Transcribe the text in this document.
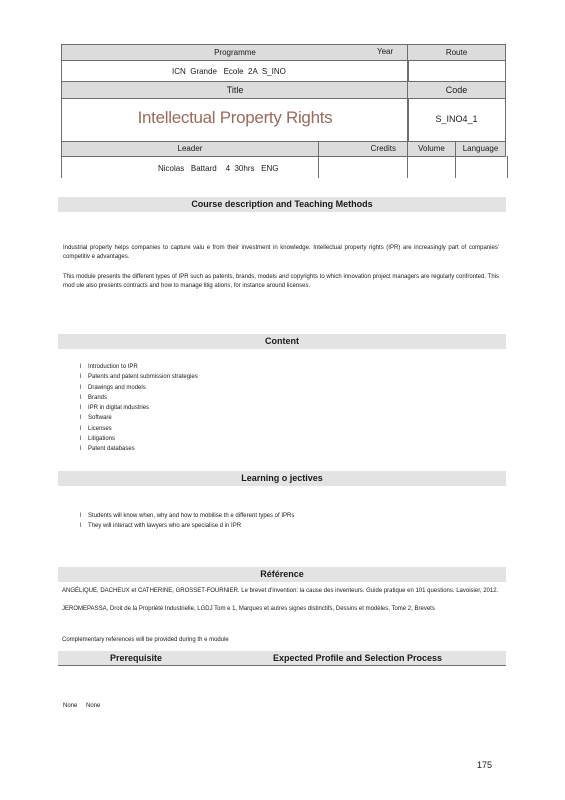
Programme	Year	Route
ICN  Grande   Ecole  2A  S_INO
Title	Code
Intellectual Property Rights	S_INO4_1
Leader	Credits	Volume	Language
Nicolas   Battard    4  30hrs   ENG
Course description and Teaching Methods
Industrial property helps companies to capture valu e from their investment in knowledge. Intellectual property rights (IPR) are increasingly part of companies' competitiv e advantages.
This module presents the different types of IPR such as patents, brands, models and copyrights to which innovation project managers are regularly confronted. This mod ule also presents contracts and how to manage litig ations, for instance around licenses.
Content
l Introduction to IPR
l Patents and patent submission strategies
l Drawings and models
l Brands
l IPR in digital industries
l Software
l Licenses
l Litigations
l Patent databases
Learning o jectives
l Students will know when, why and how to mobilise th e different types of IPRs
l They will interact with lawyers who are specialise d in IPR
Référence
ANGÉLIQUE, DACHEUX et CATHERINE, GROSSET-FOURNIER. Le brevet d'invention: la cause des inventeurs. Guide pratique en 101 questions. Lavoisier, 2012.
JEROMEPASSA, Droit de la Propriété Industrielle, LGDJ Tom e 1, Marques et autres signes distinctifs, Dessins et modèles, Tome 2, Brevets
Complementary references will be provided during th e module
Prerequisite	Expected Profile and Selection Process
None None
175
